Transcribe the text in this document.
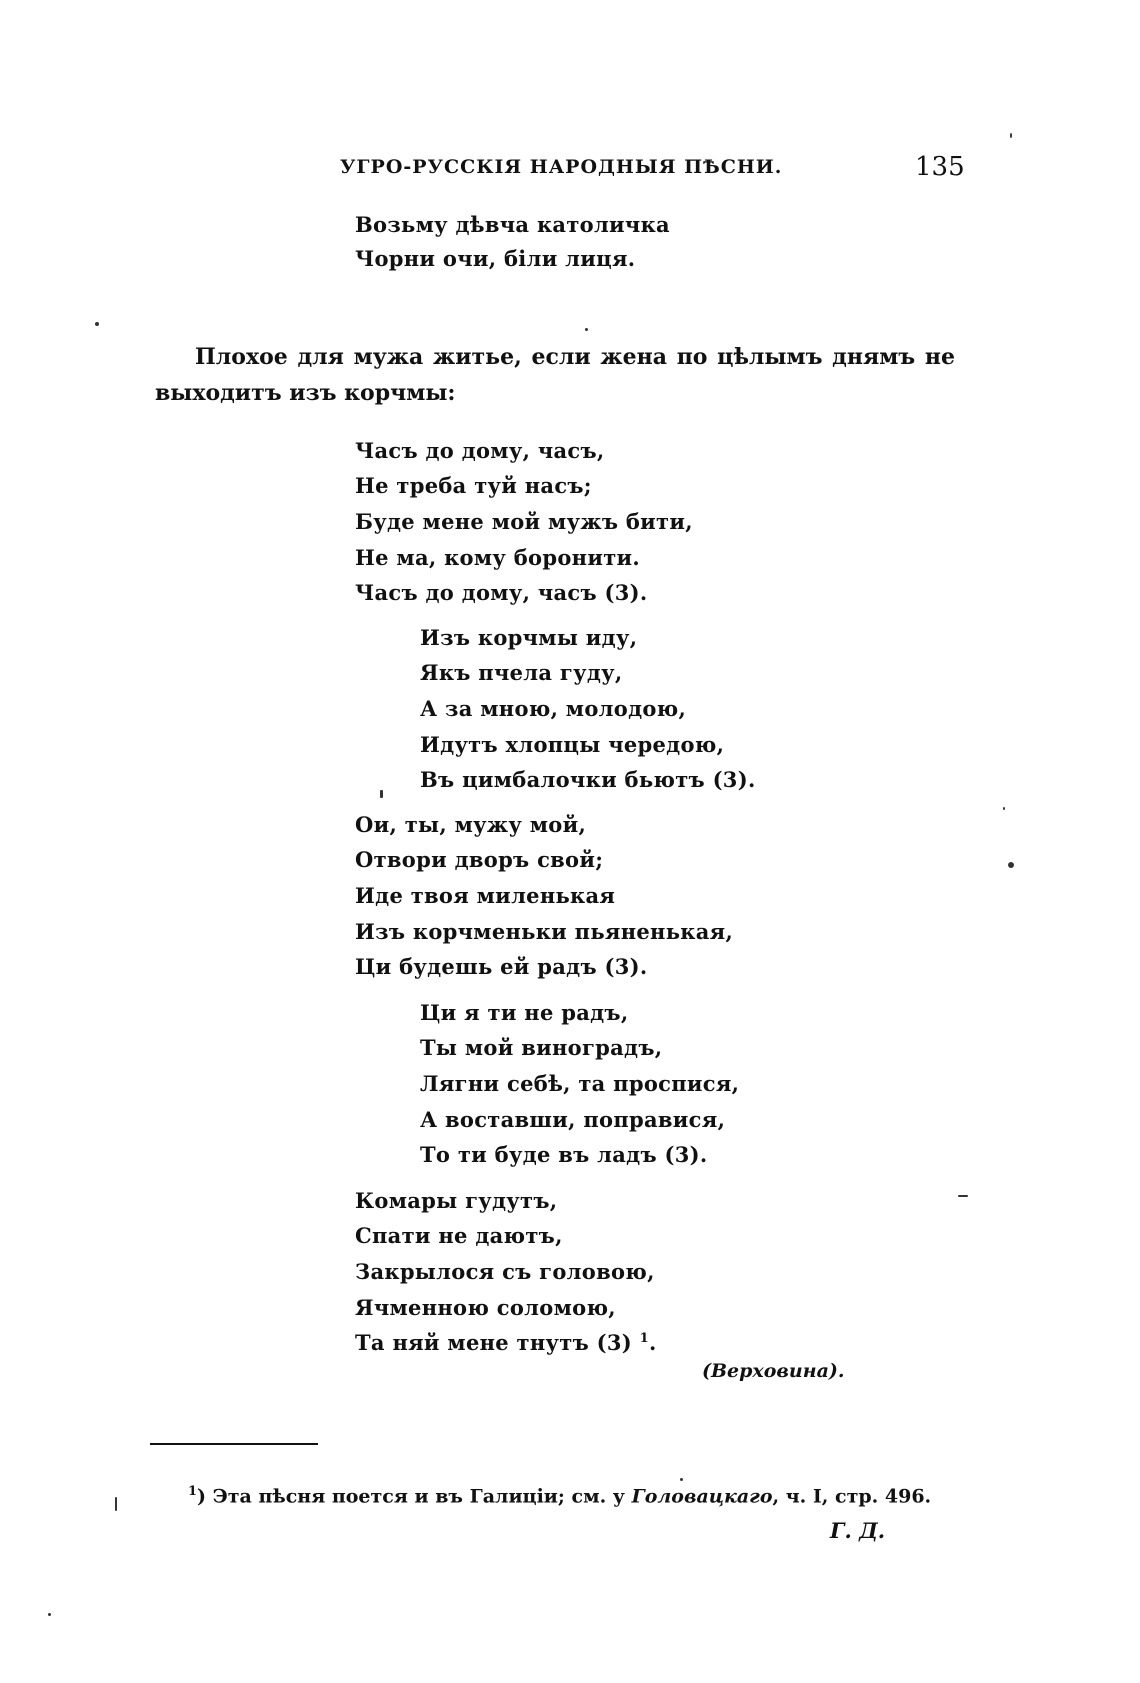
УГРО-РУССКІЯ НАРОДНЫЯ ПѢСНИ.	135
Возьму дѣвча католичка
Чорни очи, біли лиця.
Плохое для мужа житье, если жена по цѣлымъ днямъ не выходитъ изъ корчмы:
Часъ до дому, часъ,
Не треба туй насъ;
Буде мене мой мужъ бити,
Не ма, кому боронити.
Часъ до дому, часъ (3).
Изъ корчмы иду,
Якъ пчела гуду,
А за мною, молодою,
Идутъ хлопцы чередою,
Въ цимбалочки бьютъ (3).
Ои, ты, мужу мой,
Отвори дворъ свой;
Иде твоя миленькая
Изъ корчменьки пьяненькая,
Ци будешь ей радъ (3).
Ци я ти не радъ,
Ты мой виноградъ,
Лягни себѣ, та проспися,
А воставши, поправися,
То ти буде въ ладъ (3).
Комары гудутъ,
Спати не даютъ,
Закрылося съ головою,
Ячменною соломою,
Та няй мене тнутъ (3) $^1$.
(Верховина).
$^1$) Эта пѣсня поется и въ Галиціи; см. у Головацкаго, ч. I, стр. 496.
Г. Д.
